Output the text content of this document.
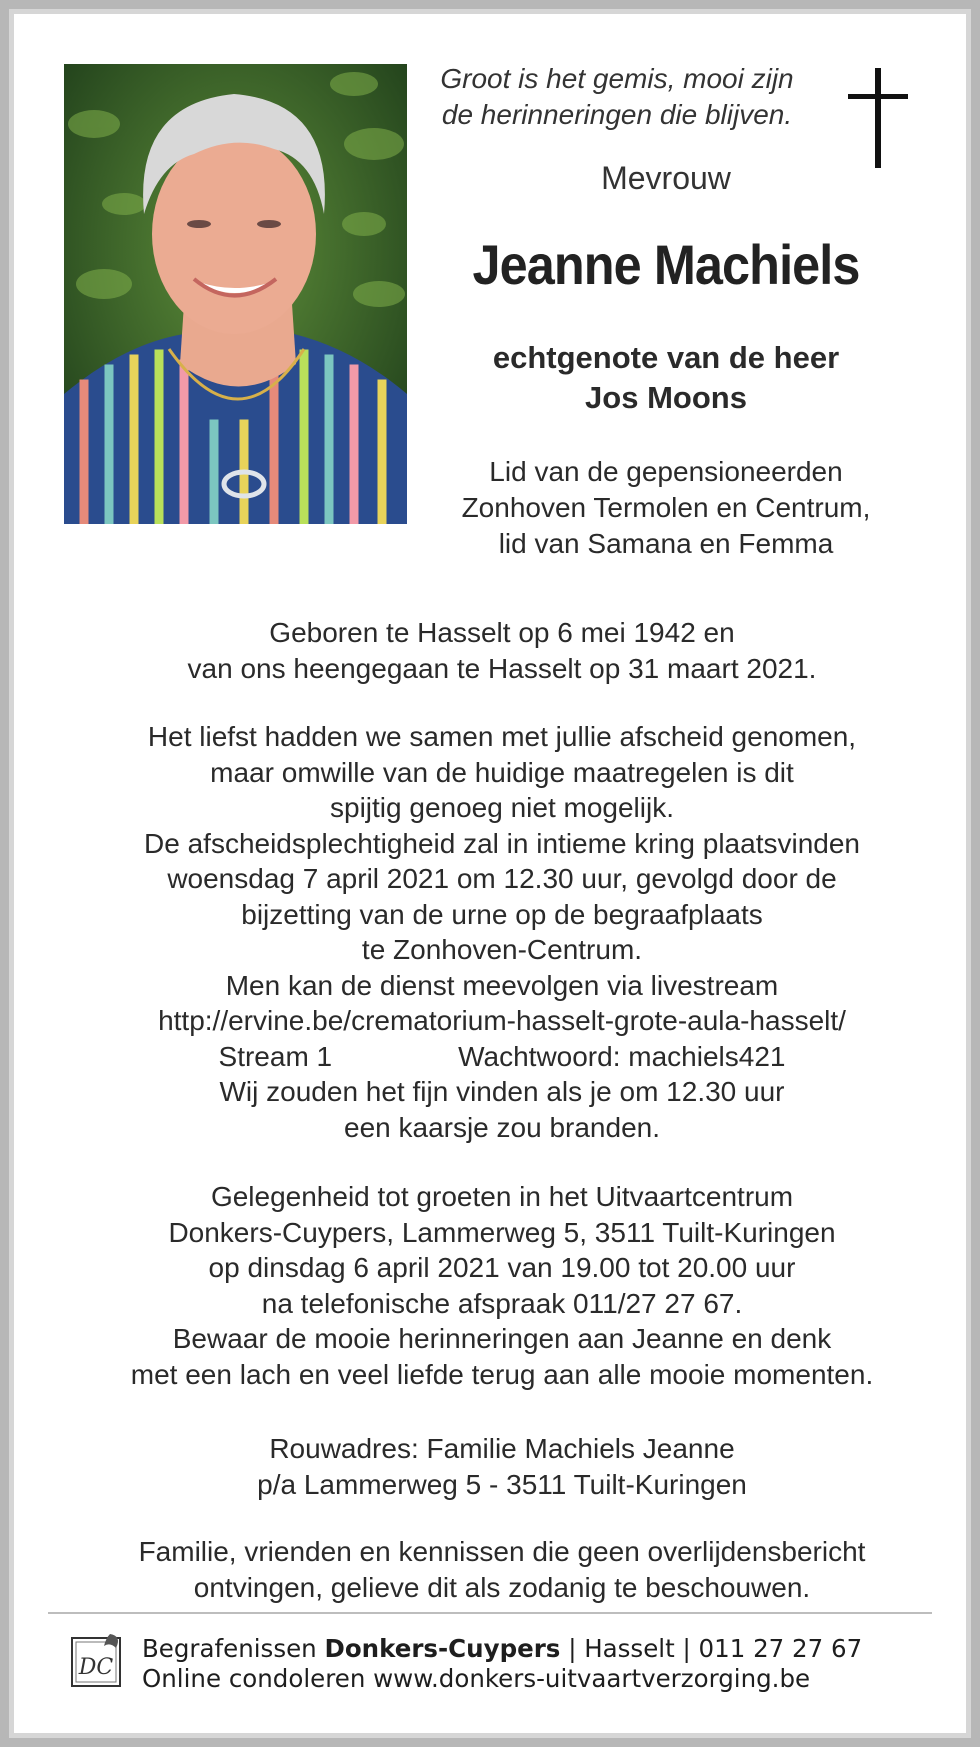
Groot is het gemis, mooi zijn
de herinneringen die blijven.
Mevrouw
Jeanne Machiels
echtgenote van de heer
Jos Moons
Lid van de gepensioneerden
Zonhoven Termolen en Centrum,
lid van Samana en Femma
Geboren te Hasselt op 6 mei 1942 en
van ons heengegaan te Hasselt op 31 maart 2021.
Het liefst hadden we samen met jullie afscheid genomen,
maar omwille van de huidige maatregelen is dit
spijtig genoeg niet mogelijk.
De afscheidsplechtigheid zal in intieme kring plaatsvinden
woensdag 7 april 2021 om 12.30 uur, gevolgd door de
bijzetting van de urne op de begraafplaats
te Zonhoven-Centrum.
Men kan de dienst meevolgen via livestream
http://ervine.be/crematorium-hasselt-grote-aula-hasselt/
Stream 1	Wachtwoord: machiels421
Wij zouden het fijn vinden als je om 12.30 uur
een kaarsje zou branden.
Gelegenheid tot groeten in het Uitvaartcentrum
Donkers-Cuypers, Lammerweg 5, 3511 Tuilt-Kuringen
op dinsdag 6 april 2021 van 19.00 tot 20.00 uur
na telefonische afspraak 011/27 27 67.
Bewaar de mooie herinneringen aan Jeanne en denk
met een lach en veel liefde terug aan alle mooie momenten.
Rouwadres: Familie Machiels Jeanne
p/a Lammerweg 5 - 3511 Tuilt-Kuringen
Familie, vrienden en kennissen die geen overlijdensbericht
ontvingen, gelieve dit als zodanig te beschouwen.
DC
Begrafenissen Donkers-Cuypers | Hasselt | 011 27 27 67
Online condoleren www.donkers-uitvaartverzorging.be
